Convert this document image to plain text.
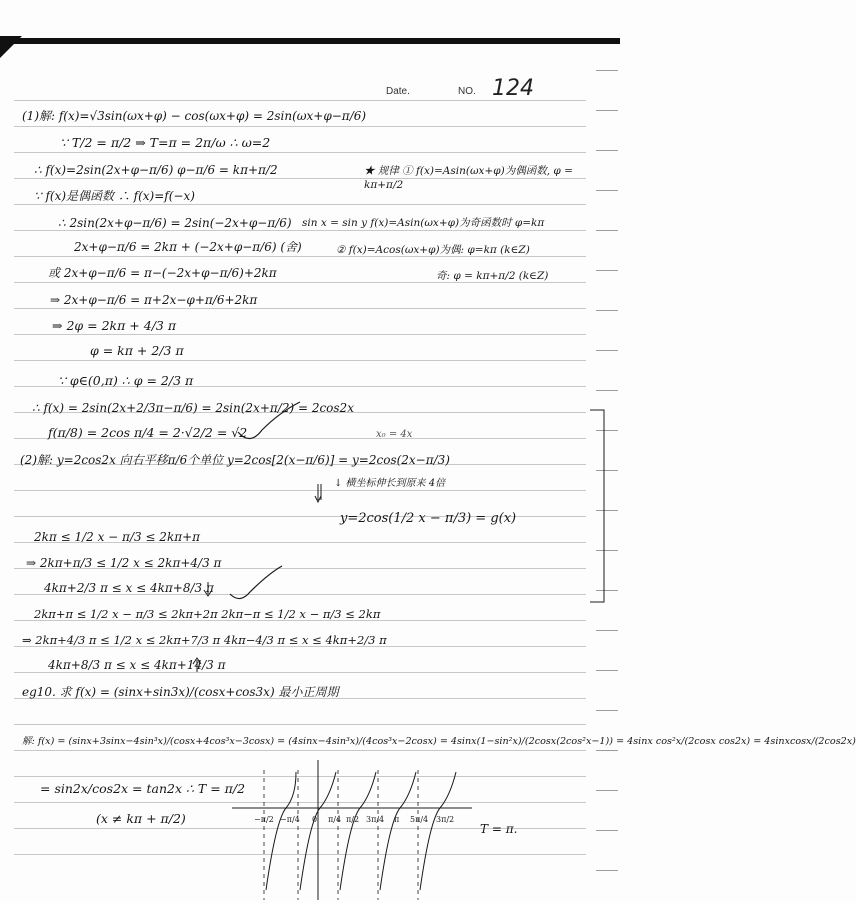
Date.	NO. 124
(1)解: f(x)=√3sin(ωx+φ) − cos(ωx+φ) = 2sin(ωx+φ−π/6)
∵ T/2 = π/2 ⇒ T=π = 2π/ω ∴ ω=2
∴ f(x)=2sin(2x+φ−π/6) φ−π/6 = kπ+π/2
∵ f(x)是偶函数 ∴ f(x)=f(−x)
∴ 2sin(2x+φ−π/6) = 2sin(−2x+φ−π/6)
2x+φ−π/6 = 2kπ + (−2x+φ−π/6) (舍)
或 2x+φ−π/6 = π−(−2x+φ−π/6)+2kπ
⇒ 2x+φ−π/6 = π+2x−φ+π/6+2kπ
⇒ 2φ = 2kπ + 4/3 π
φ = kπ + 2/3 π
∵ φ∈(0,π) ∴ φ = 2/3 π
∴ f(x) = 2sin(2x+2/3π−π/6) = 2sin(2x+π/2) = 2cos2x
f(π/8) = 2cos π/4 = 2·√2/2 = √2
(2)解: y=2cos2x 向右平移π/6个单位 y=2cos[2(x−π/6)] = y=2cos(2x−π/3)
↓ 横坐标伸长到原来 4倍
y=2cos(1/2 x − π/3) = g(x)
2kπ ≤ 1/2 x − π/3 ≤ 2kπ+π
⇒ 2kπ+π/3 ≤ 1/2 x ≤ 2kπ+4/3 π
4kπ+2/3 π ≤ x ≤ 4kπ+8/3 π
2kπ+π ≤ 1/2 x − π/3 ≤ 2kπ+2π 2kπ−π ≤ 1/2 x − π/3 ≤ 2kπ
⇒ 2kπ+4/3 π ≤ 1/2 x ≤ 2kπ+7/3 π 4kπ−4/3 π ≤ x ≤ 4kπ+2/3 π
4kπ+8/3 π ≤ x ≤ 4kπ+14/3 π
eg10. 求 f(x) = (sinx+sin3x)/(cosx+cos3x) 最小正周期
解: f(x) = (sinx+3sinx−4sin³x)/(cosx+4cos³x−3cosx) = (4sinx−4sin³x)/(4cos³x−2cosx) = 4sinx(1−sin²x)/(2cosx(2cos²x−1)) = 4sinx cos²x/(2cosx cos2x) = 4sinxcosx/(2cos2x)
= sin2x/cos2x = tan2x ∴ T = π/2
(x ≠ kπ + π/2)
★ 规律 ① f(x)=Asin(ωx+φ)为偶函数, φ = kπ+π/2
sin x = sin y f(x)=Asin(ωx+φ)为奇函数时 φ=kπ
② f(x)=Acos(ωx+φ)为偶: φ=kπ (k∈Z)
奇: φ = kπ+π/2 (k∈Z)
x₀ = 4x
T = π.
−π/2 −π/4 0 π/4 π/2 3π/4 π 5π/4 3π/2
